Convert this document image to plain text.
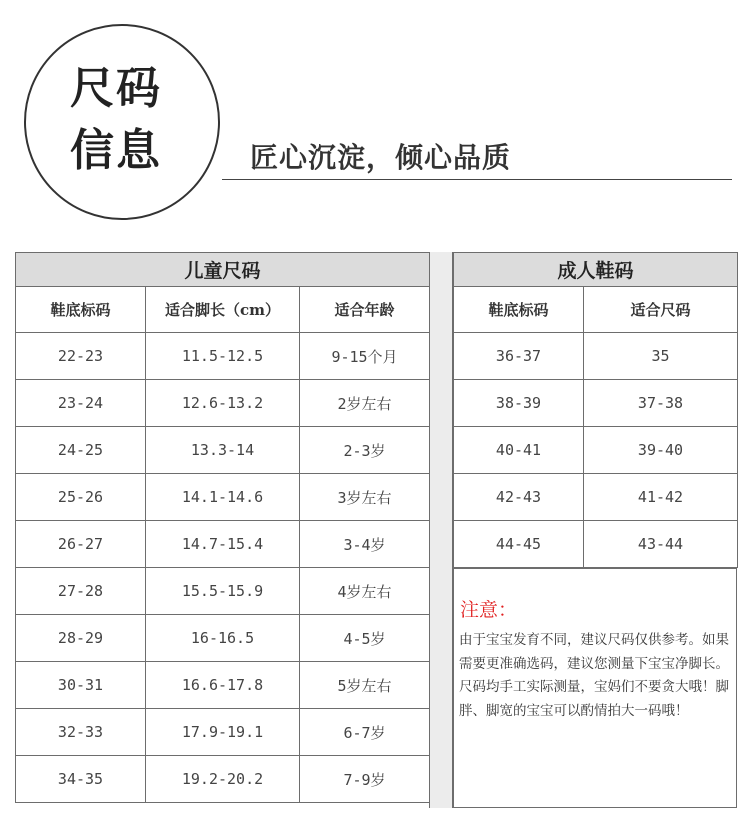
尺码
信息	匠心沉淀，倾心品质
儿童尺码		
鞋底标码	适合脚长（cm）	适合年龄
22-23	11.5-12.5	9-15个月
23-24	12.6-13.2	2岁左右
24-25	13.3-14	2-3岁
25-26	14.1-14.6	3岁左右
26-27	14.7-15.4	3-4岁
27-28	15.5-15.9	4岁左右
28-29	16-16.5	4-5岁
30-31	16.6-17.8	5岁左右
32-33	17.9-19.1	6-7岁
34-35	19.2-20.2	7-9岁
成人鞋码	
鞋底标码	适合尺码
36-37	35
38-39	37-38
40-41	39-40
42-43	41-42
44-45	43-44
注意：
由于宝宝发育不同，建议尺码仅供参考。如果需要更准确选码，建议您测量下宝宝净脚长。尺码均手工实际测量，宝妈们不要贪大哦！脚胖、脚宽的宝宝可以酌情拍大一码哦！
